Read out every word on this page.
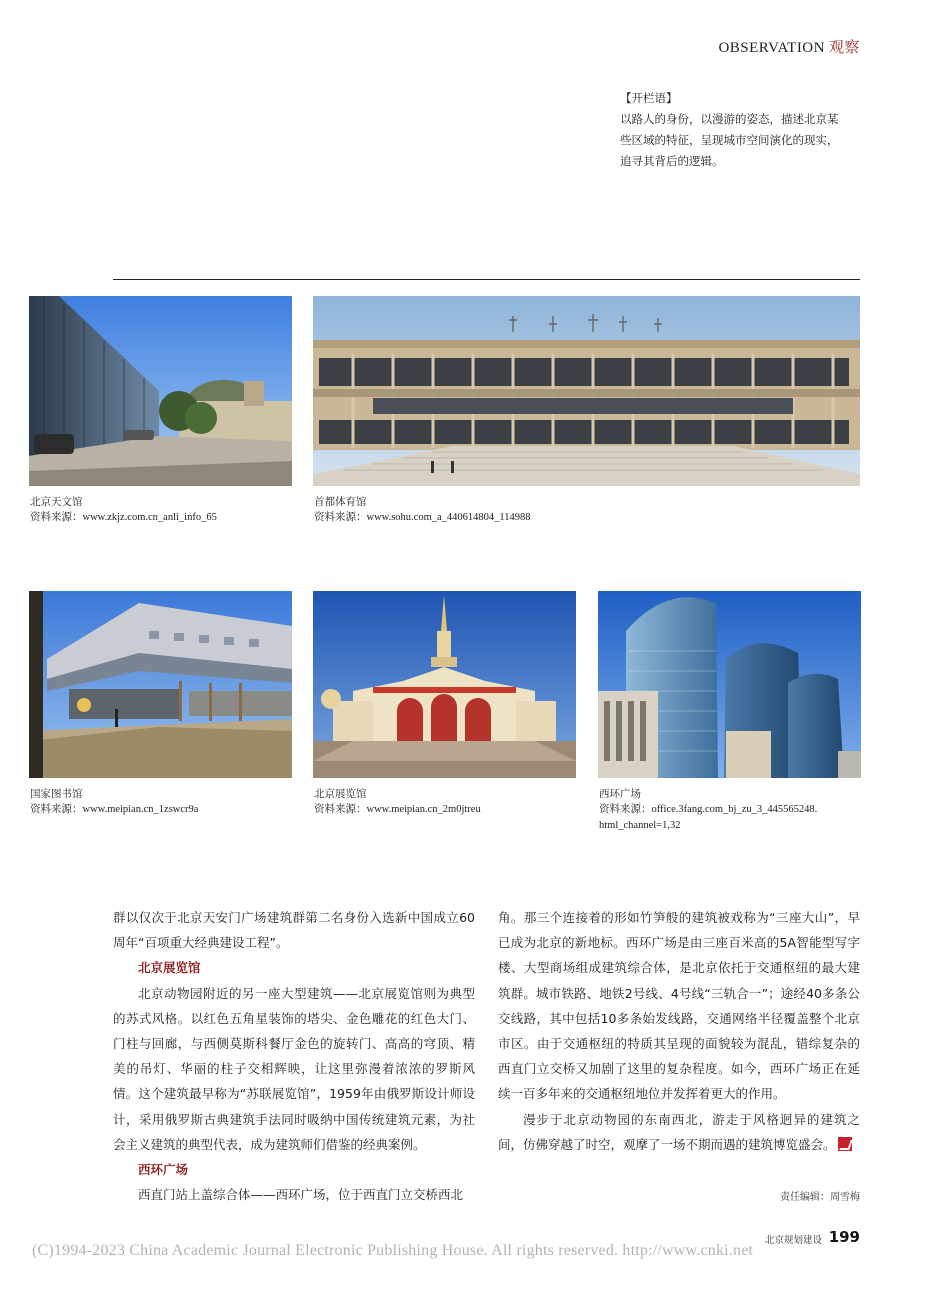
OBSERVATION 观察
【开栏语】
以路人的身份，以漫游的姿态，描述北京某
些区域的特征，呈现城市空间演化的现实，
追寻其背后的逻辑。
北京天文馆
资料来源：www.zkjz.com.cn_anli_info_65
首都体育馆
资料来源：www.sohu.com_a_440614804_114988
国家图书馆
资料来源：www.meipian.cn_1zswcr9a
北京展览馆
资料来源：www.meipian.cn_2m0jtreu
西环广场
资料来源：office.3fang.com_bj_zu_3_445565248.
html_channel=1,32

群以仅次于北京天安门广场建筑群第二名身份入选新中国成立60周年“百项重大经典建设工程”。

北京展览馆

北京动物园附近的另一座大型建筑——北京展览馆则为典型的苏式风格。以红色五角星装饰的塔尖、金色雕花的红色大门、门柱与回廊，与西侧莫斯科餐厅金色的旋转门、高高的穹顶、精美的吊灯、华丽的柱子交相辉映，让这里弥漫着浓浓的罗斯风情。这个建筑最早称为“苏联展览馆”，1959年由俄罗斯设计师设计，采用俄罗斯古典建筑手法同时吸纳中国传统建筑元素，为社会主义建筑的典型代表，成为建筑师们借鉴的经典案例。

西环广场

西直门站上盖综合体——西环广场，位于西直门立交桥西北

角。那三个连接着的形如竹笋般的建筑被戏称为“三座大山”，早已成为北京的新地标。西环广场是由三座百米高的5A智能型写字楼、大型商场组成建筑综合体，是北京依托于交通枢纽的最大建筑群。城市铁路、地铁2号线、4号线“三轨合一”；途经40多条公交线路，其中包括10多条始发线路，交通网络半径覆盖整个北京市区。由于交通枢纽的特质其呈现的面貌较为混乱，错综复杂的西直门立交桥又加剧了这里的复杂程度。如今，西环广场正在延续一百多年来的交通枢纽地位并发挥着更大的作用。

漫步于北京动物园的东南西北，游走于风格迥异的建筑之间，仿佛穿越了时空，观摩了一场不期而遇的建筑博览盛会。

责任编辑：周雪梅
北京规划建设 199
(C)1994-2023 China Academic Journal Electronic Publishing House. All rights reserved. http://www.cnki.net
